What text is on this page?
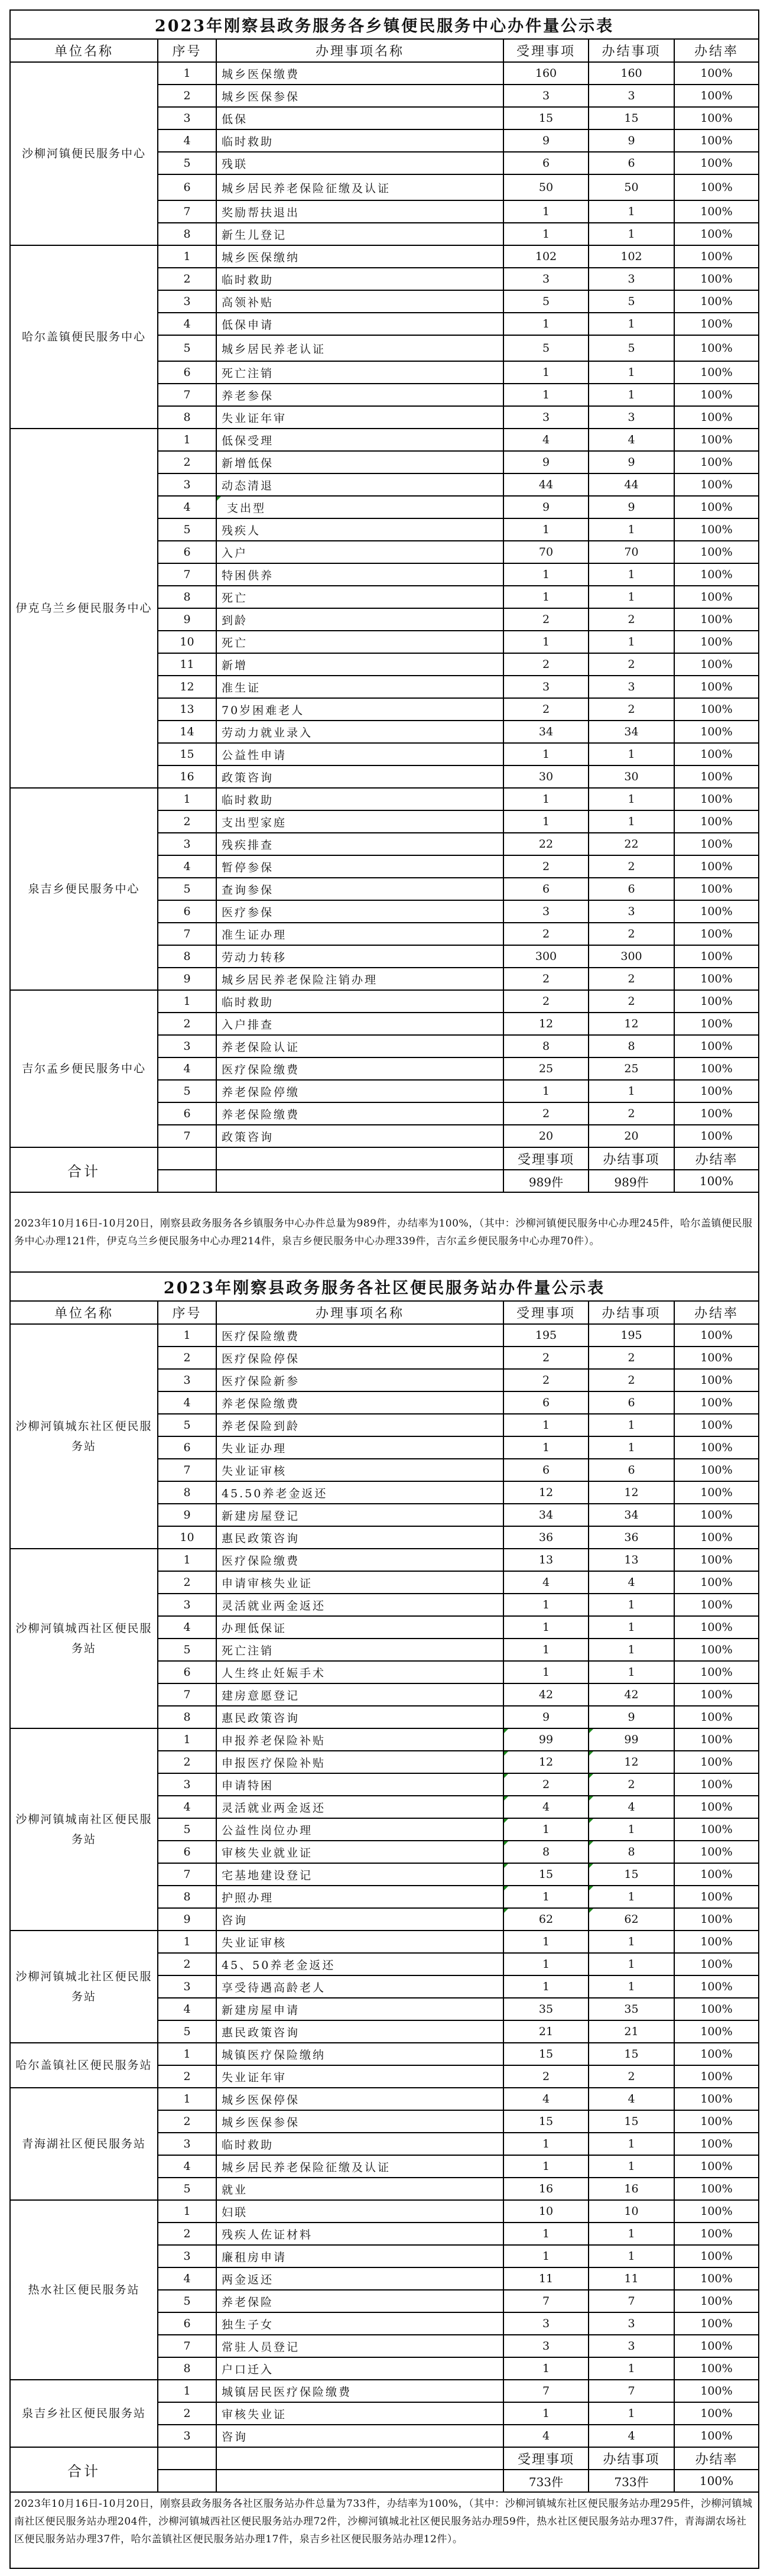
2023年刚察县政务服务各乡镇便民服务中心办件量公示表					
单位名称	序号	办理事项名称	受理事项	办结事项	办结率
沙柳河镇便民服务中心	1	城乡医保缴费	160	160	100%
	2	城乡医保参保	3	3	100%
	3	低保	15	15	100%
	4	临时救助	9	9	100%
	5	残联	6	6	100%
	6	城乡居民养老保险征缴及认证	50	50	100%
	7	奖励帮扶退出	1	1	100%
	8	新生儿登记	1	1	100%
哈尔盖镇便民服务中心	1	城乡医保缴纳	102	102	100%
	2	临时救助	3	3	100%
	3	高领补贴	5	5	100%
	4	低保申请	1	1	100%
	5	城乡居民养老认证	5	5	100%
	6	死亡注销	1	1	100%
	7	养老参保	1	1	100%
	8	失业证年审	3	3	100%
伊克乌兰乡便民服务中心	1	低保受理	4	4	100%
	2	新增低保	9	9	100%
	3	动态清退	44	44	100%
	4	支出型	9	9	100%
	5	残疾人	1	1	100%
	6	入户	70	70	100%
	7	特困供养	1	1	100%
	8	死亡	1	1	100%
	9	到龄	2	2	100%
	10	死亡	1	1	100%
	11	新增	2	2	100%
	12	准生证	3	3	100%
	13	70岁困难老人	2	2	100%
	14	劳动力就业录入	34	34	100%
	15	公益性申请	1	1	100%
	16	政策咨询	30	30	100%
泉吉乡便民服务中心	1	临时救助	1	1	100%
	2	支出型家庭	1	1	100%
	3	残疾排查	22	22	100%
	4	暂停参保	2	2	100%
	5	查询参保	6	6	100%
	6	医疗参保	3	3	100%
	7	准生证办理	2	2	100%
	8	劳动力转移	300	300	100%
	9	城乡居民养老保险注销办理	2	2	100%
吉尔孟乡便民服务中心	1	临时救助	2	2	100%
	2	入户排查	12	12	100%
	3	养老保险认证	8	8	100%
	4	医疗保险缴费	25	25	100%
	5	养老保险停缴	1	1	100%
	6	养老保险缴费	2	2	100%
	7	政策咨询	20	20	100%
合计			受理事项	办结事项	办结率
			989件	989件	100%
2023年10月16日-10月20日，刚察县政务服务各乡镇服务中心办件总量为989件，办结率为100%，（其中：沙柳河镇便民服务中心办理245件，哈尔盖镇便民服务中心办理121件，伊克乌兰乡便民服务中心办理214件，泉吉乡便民服务中心办理339件，吉尔孟乡便民服务中心办理70件）。					
2023年刚察县政务服务各社区便民服务站办件量公示表					
单位名称	序号	办理事项名称	受理事项	办结事项	办结率
沙柳河镇城东社区便民服务站	1	医疗保险缴费	195	195	100%
	2	医疗保险停保	2	2	100%
	3	医疗保险新参	2	2	100%
	4	养老保险缴费	6	6	100%
	5	养老保险到龄	1	1	100%
	6	失业证办理	1	1	100%
	7	失业证审核	6	6	100%
	8	45.50养老金返还	12	12	100%
	9	新建房屋登记	34	34	100%
	10	惠民政策咨询	36	36	100%
沙柳河镇城西社区便民服务站	1	医疗保险缴费	13	13	100%
	2	申请审核失业证	4	4	100%
	3	灵活就业两金返还	1	1	100%
	4	办理低保证	1	1	100%
	5	死亡注销	1	1	100%
	6	人生终止妊娠手术	1	1	100%
	7	建房意愿登记	42	42	100%
	8	惠民政策咨询	9	9	100%
沙柳河镇城南社区便民服务站	1	申报养老保险补贴	99	99	100%
	2	申报医疗保险补贴	12	12	100%
	3	申请特困	2	2	100%
	4	灵活就业两金返还	4	4	100%
	5	公益性岗位办理	1	1	100%
	6	审核失业就业证	8	8	100%
	7	宅基地建设登记	15	15	100%
	8	护照办理	1	1	100%
	9	咨询	62	62	100%
沙柳河镇城北社区便民服务站	1	失业证审核	1	1	100%
	2	45、50养老金返还	1	1	100%
	3	享受待遇高龄老人	1	1	100%
	4	新建房屋申请	35	35	100%
	5	惠民政策咨询	21	21	100%
哈尔盖镇社区便民服务站	1	城镇医疗保险缴纳	15	15	100%
	2	失业证年审	2	2	100%
青海湖社区便民服务站	1	城乡医保停保	4	4	100%
	2	城乡医保参保	15	15	100%
	3	临时救助	1	1	100%
	4	城乡居民养老保险征缴及认证	1	1	100%
	5	就业	16	16	100%
热水社区便民服务站	1	妇联	10	10	100%
	2	残疾人佐证材料	1	1	100%
	3	廉租房申请	1	1	100%
	4	两金返还	11	11	100%
	5	养老保险	7	7	100%
	6	独生子女	3	3	100%
	7	常驻人员登记	3	3	100%
	8	户口迁入	1	1	100%
泉吉乡社区便民服务站	1	城镇居民医疗保险缴费	7	7	100%
	2	审核失业证	1	1	100%
	3	咨询	4	4	100%
合计			受理事项	办结事项	办结率
			733件	733件	100%
2023年10月16日-10月20日，刚察县政务服务各社区服务站办件总量为733件，办结率为100%，（其中：沙柳河镇城东社区便民服务站办理295件，沙柳河镇城南社区便民服务站办理204件，沙柳河镇城西社区便民服务站办理72件，沙柳河镇城北社区便民服务站办理59件，热水社区便民服务站办理37件，青海湖农场社区便民服务站办理37件，哈尔盖镇社区便民服务站办理17件，泉吉乡社区便民服务站办理12件）。					
